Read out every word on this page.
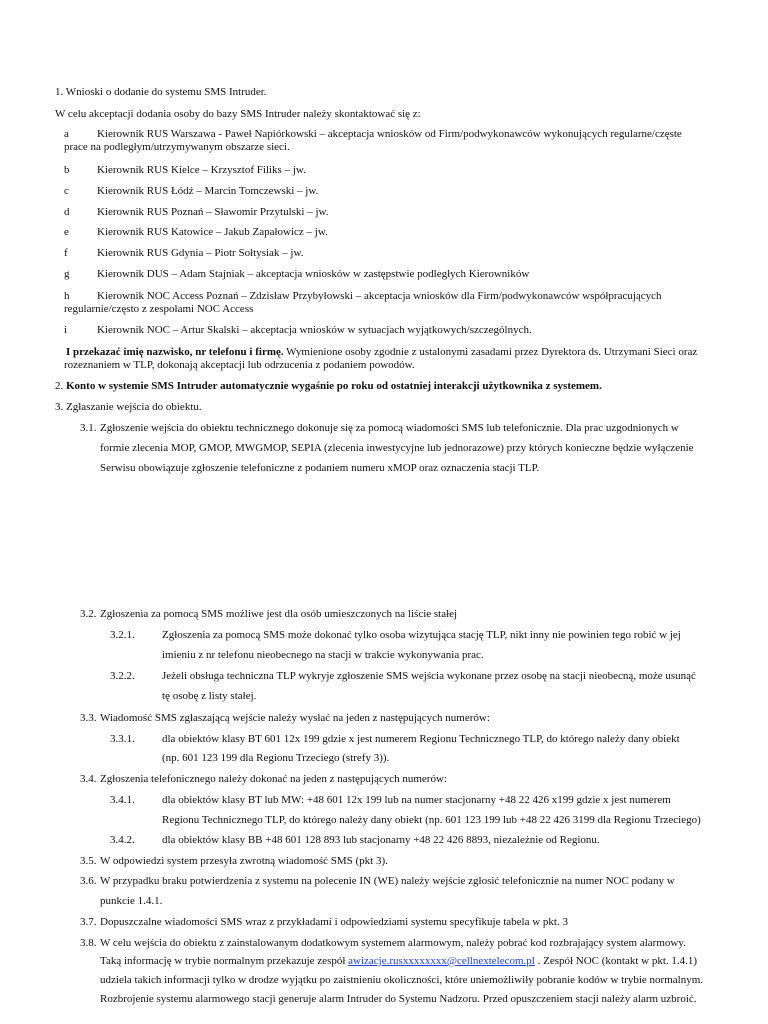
1. Wnioski o dodanie do systemu SMS Intruder.
W celu akceptacji dodania osoby do bazy SMS Intruder należy skontaktować się z:
a	Kierownik RUS Warszawa - Paweł Napiórkowski – akceptacja wniosków od Firm/podwykonawców wykonujących regularne/częste
prace na podległym/utrzymywanym obszarze sieci.
b	Kierownik RUS Kielce – Krzysztof Filiks – jw.
c	Kierownik RUS Łódź – Marcin Tomczewski – jw.
d	Kierownik RUS Poznań – Sławomir Przytulski – jw.
e	Kierownik RUS Katowice – Jakub Zapałowicz – jw.
f	Kierownik RUS Gdynia – Piotr Sołtysiak – jw.
g	Kierownik DUS – Adam Stajniak – akceptacja wniosków w zastępstwie podległych Kierowników
h	Kierownik NOC Access Poznań – Zdzisław Przybyłowski – akceptacja wniosków dla Firm/podwykonawców współpracujących
regularnie/często z zespołami NOC Access
i	Kierownik NOC – Artur Skalski – akceptacja wniosków w sytuacjach wyjątkowych/szczególnych.
I przekazać imię nazwisko, nr telefonu i firmę. Wymienione osoby zgodnie z ustalonymi zasadami przez Dyrektora ds. Utrzymani Sieci oraz
rozeznaniem w TLP, dokonają akceptacji lub odrzucenia z podaniem powodów.
2. Konto w systemie SMS Intruder automatycznie wygaśnie po roku od ostatniej interakcji użytkownika z systemem.
3. Zgłaszanie wejścia do obiektu.
3.1. Zgłoszenie wejścia do obiektu technicznego dokonuje się za pomocą wiadomości SMS lub telefonicznie. Dla prac uzgodnionych w
formie zlecenia MOP, GMOP, MWGMOP, SEPIA (zlecenia inwestycyjne lub jednorazowe) przy których konieczne będzie wyłączenie
Serwisu obowiązuje zgłoszenie telefoniczne z podaniem numeru xMOP oraz oznaczenia stacji TLP.
3.2. Zgłoszenia za pomocą SMS możliwe jest dla osób umieszczonych na liście stałej
3.2.1. Zgłoszenia za pomocą SMS może dokonać tylko osoba wizytująca stację TLP, nikt inny nie powinien tego robić w jej
imieniu z nr telefonu nieobecnego na stacji w trakcie wykonywania prac.
3.2.2. Jeżeli obsługa techniczna TLP wykryje zgłoszenie SMS wejścia wykonane przez osobę na stacji nieobecną, może usunąć
tę osobę z listy stałej.
3.3. Wiadomość SMS zgłaszającą wejście należy wysłać na jeden z następujących numerów:
3.3.1. dla obiektów klasy BT 601 12x 199 gdzie x jest numerem Regionu Technicznego TLP, do którego należy dany obiekt
(np. 601 123 199 dla Regionu Trzeciego (strefy 3)).
3.4. Zgłoszenia telefonicznego należy dokonać na jeden z następujących numerów:
3.4.1. dla obiektów klasy BT lub MW: +48 601 12x 199 lub na numer stacjonarny +48 22 426 x199 gdzie x jest numerem
Regionu Technicznego TLP, do którego należy dany obiekt (np. 601 123 199 lub +48 22 426 3199 dla Regionu Trzeciego)
3.4.2. dla obiektów klasy BB +48 601 128 893 lub stacjonarny +48 22 426 8893, niezależnie od Regionu.
3.5. W odpowiedzi system przesyła zwrotną wiadomość SMS (pkt 3).
3.6. W przypadku braku potwierdzenia z systemu na polecenie IN (WE) należy wejście zgłosić telefonicznie na numer NOC podany w
punkcie 1.4.1.
3.7. Dopuszczalne wiadomości SMS wraz z przykładami i odpowiedziami systemu specyfikuje tabela w pkt. 3
3.8. W celu wejścia do obiektu z zainstalowanym dodatkowym systemem alarmowym, należy pobrać kod rozbrajający system alarmowy.
Taką informację w trybie normalnym przekazuje zespół awizacje.rusxxxxxxxx@cellnextelecom.pl . Zespół NOC (kontakt w pkt. 1.4.1)
udziela takich informacji tylko w drodze wyjątku po zaistnieniu okoliczności, które uniemożliwiły pobranie kodów w trybie normalnym.
Rozbrojenie systemu alarmowego stacji generuje alarm Intruder do Systemu Nadzoru. Przed opuszczeniem stacji należy alarm uzbroić.
